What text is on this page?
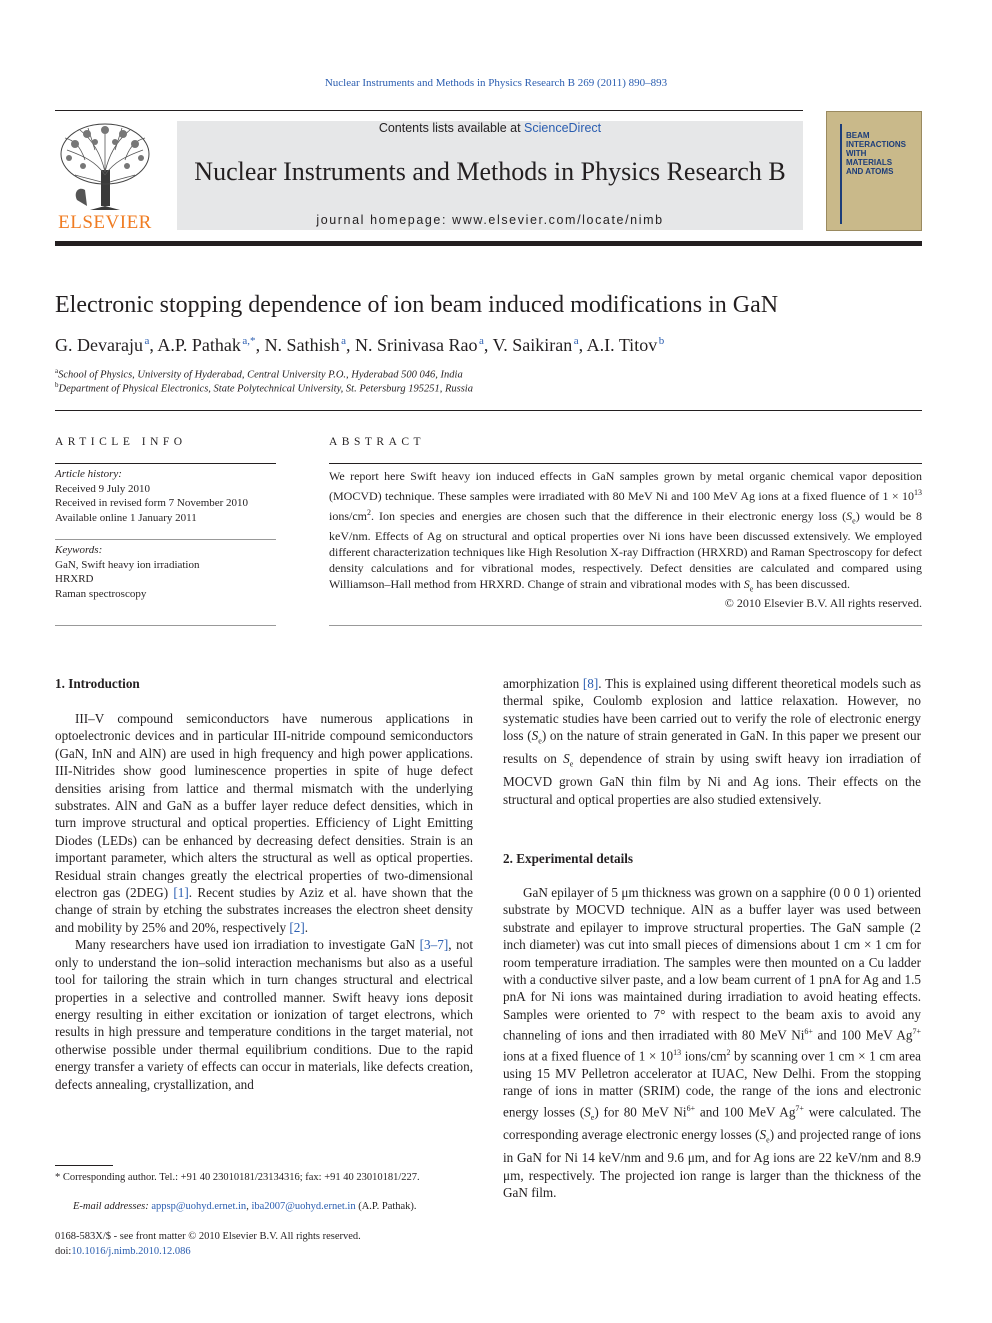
Nuclear Instruments and Methods in Physics Research B 269 (2011) 890–893
ELSEVIER
Contents lists available at ScienceDirect
Nuclear Instruments and Methods in Physics Research B
journal homepage: www.elsevier.com/locate/nimb
BEAM
INTERACTIONS
WITH
MATERIALS
AND ATOMS
Electronic stopping dependence of ion beam induced modifications in GaN
G. Devaraju  $^a$, A.P. Pathak  $^{a,*}$, N. Sathish  $^a$, N. Srinivasa Rao  $^a$, V. Saikiran  $^a$, A.I. Titov  $^b$
$^a$School of Physics, University of Hyderabad, Central University P.O., Hyderabad 500 046, India
$^b$Department of Physical Electronics, State Polytechnical University, St. Petersburg 195251, Russia
ARTICLE INFO
Article history:
Received 9 July 2010
Received in revised form 7 November 2010
Available online 1 January 2011
Keywords:
GaN, Swift heavy ion irradiation
HRXRD
Raman spectroscopy
ABSTRACT
We report here Swift heavy ion induced effects in GaN samples grown by metal organic chemical vapor deposition (MOCVD) technique. These samples were irradiated with 80 MeV Ni and 100 MeV Ag ions at a fixed fluence of $1 \times 10^{13}$ ions/$cm^2$. Ion species and energies are chosen such that the difference in their electronic energy loss $(S_e)$ would be 8 keV/nm. Effects of Ag on structural and optical properties over Ni ions have been discussed extensively. We employed different characterization techniques like High Resolution X-ray Diffraction (HRXRD) and Raman Spectroscopy for defect density calculations and for vibrational modes, respectively. Defect densities are calculated and compared using Williamson–Hall method from HRXRD. Change of strain and vibrational modes with $S_e$ has been discussed.
© 2010 Elsevier B.V. All rights reserved.
1. Introduction

III–V compound semiconductors have numerous applications in optoelectronic devices and in particular III-nitride compound semiconductors (GaN, InN and AlN) are used in high frequency and high power applications. III-Nitrides show good luminescence properties in spite of huge defect densities arising from lattice and thermal mismatch with the underlying substrates. AlN and GaN as a buffer layer reduce defect densities, which in turn improve structural and optical properties. Efficiency of Light Emitting Diodes (LEDs) can be enhanced by decreasing defect densities. Strain is an important parameter, which alters the structural as well as optical properties. Residual strain changes greatly the electrical properties of two-dimensional electron gas (2DEG) [1]. Recent studies by Aziz et al. have shown that the change of strain by etching the substrates increases the electron sheet density and mobility by 25% and 20%, respectively [2].

Many researchers have used ion irradiation to investigate GaN [3–7], not only to understand the ion–solid interaction mechanisms but also as a useful tool for tailoring the strain which in turn changes structural and electrical properties in a selective and controlled manner. Swift heavy ions deposit energy resulting in either excitation or ionization of target electrons, which results in high pressure and temperature conditions in the target material, not otherwise possible under thermal equilibrium conditions. Due to the rapid energy transfer a variety of effects can occur in materials, like defects creation, defects annealing, crystallization, and

* Corresponding author. Tel.: +91 40 23010181/23134316; fax: +91 40 23010181/227.
E-mail addresses: appsp@uohyd.ernet.in, iba2007@uohyd.ernet.in (A.P. Pathak).
0168-583X/$ - see front matter © 2010 Elsevier B.V. All rights reserved.
doi:10.1016/j.nimb.2010.12.086

amorphization [8]. This is explained using different theoretical models such as thermal spike, Coulomb explosion and lattice relaxation. However, no systematic studies have been carried out to verify the role of electronic energy loss $(S_e)$ on the nature of strain generated in GaN. In this paper we present our results on $S_e$ dependence of strain by using swift heavy ion irradiation of MOCVD grown GaN thin film by Ni and Ag ions. Their effects on the structural and optical properties are also studied extensively.

2. Experimental details

GaN epilayer of 5 μm thickness was grown on a sapphire (0 0 0 1) oriented substrate by MOCVD technique. AlN as a buffer layer was used between substrate and epilayer to improve structural properties. The GaN sample (2 inch diameter) was cut into small pieces of dimensions about 1 cm × 1 cm for room temperature irradiation. The samples were then mounted on a Cu ladder with a conductive silver paste, and a low beam current of 1 pnA for Ag and 1.5 pnA for Ni ions was maintained during irradiation to avoid heating effects. Samples were oriented to 7° with respect to the beam axis to avoid any channeling of ions and then irradiated with 80 MeV $Ni^{6+}$ and 100 MeV $Ag^{7+}$ ions at a fixed fluence of $1 \times 10^{13}$ ions/$cm^2$ by scanning over 1 cm × 1 cm area using 15 MV Pelletron accelerator at IUAC, New Delhi. From the stopping range of ions in matter (SRIM) code, the range of the ions and electronic energy losses $(S_e)$ for 80 MeV $Ni^{6+}$ and 100 MeV $Ag^{7+}$ were calculated. The corresponding average electronic energy losses $(S_e)$ and projected range of ions in GaN for Ni 14 keV/nm and 9.6 μm, and for Ag ions are 22 keV/nm and 8.9 μm, respectively. The projected ion range is larger than the thickness of the GaN film.
